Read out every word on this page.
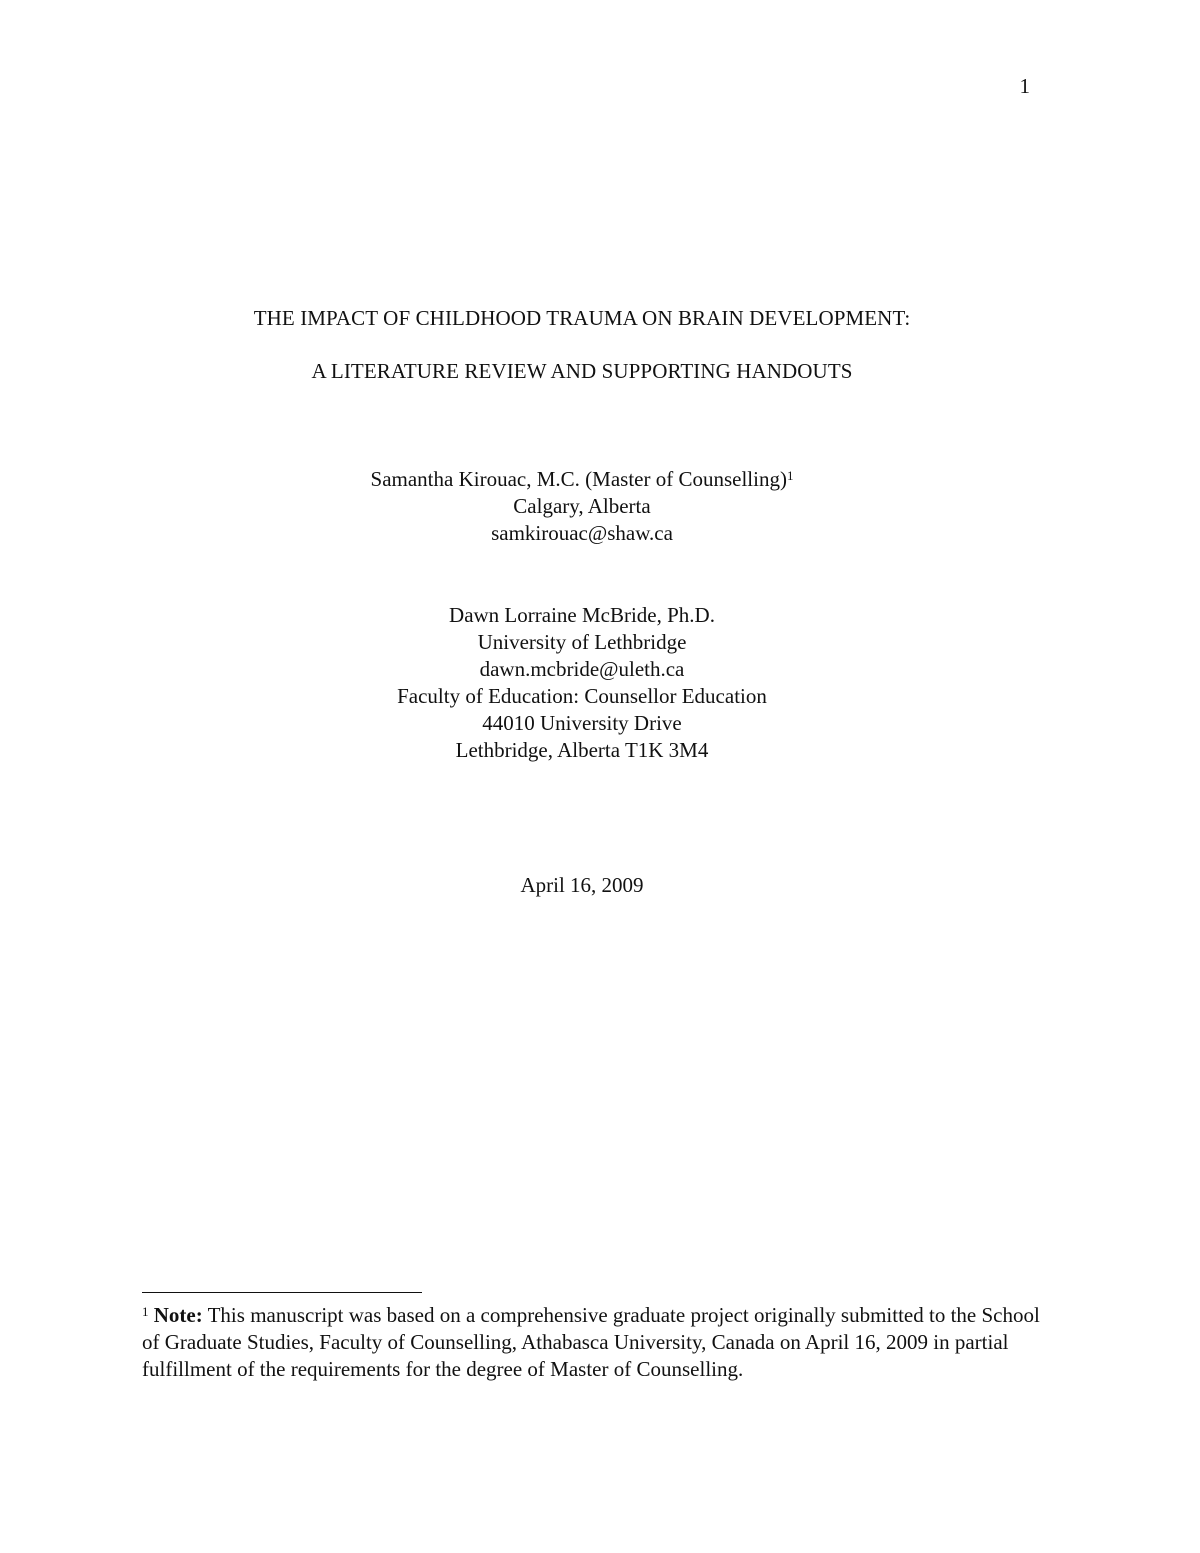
1
THE IMPACT OF CHILDHOOD TRAUMA ON BRAIN DEVELOPMENT:
A LITERATURE REVIEW AND SUPPORTING HANDOUTS
Samantha Kirouac, M.C. (Master of Counselling)$^1$
Calgary, Alberta
samkirouac@shaw.ca
Dawn Lorraine McBride, Ph.D.
University of Lethbridge
dawn.mcbride@uleth.ca
Faculty of Education: Counsellor Education
44010 University Drive
Lethbridge, Alberta T1K 3M4
April 16, 2009
$^1$ Note: This manuscript was based on a comprehensive graduate project originally submitted to the School of Graduate Studies, Faculty of Counselling, Athabasca University, Canada on April 16, 2009 in partial fulfillment of the requirements for the degree of Master of Counselling.
